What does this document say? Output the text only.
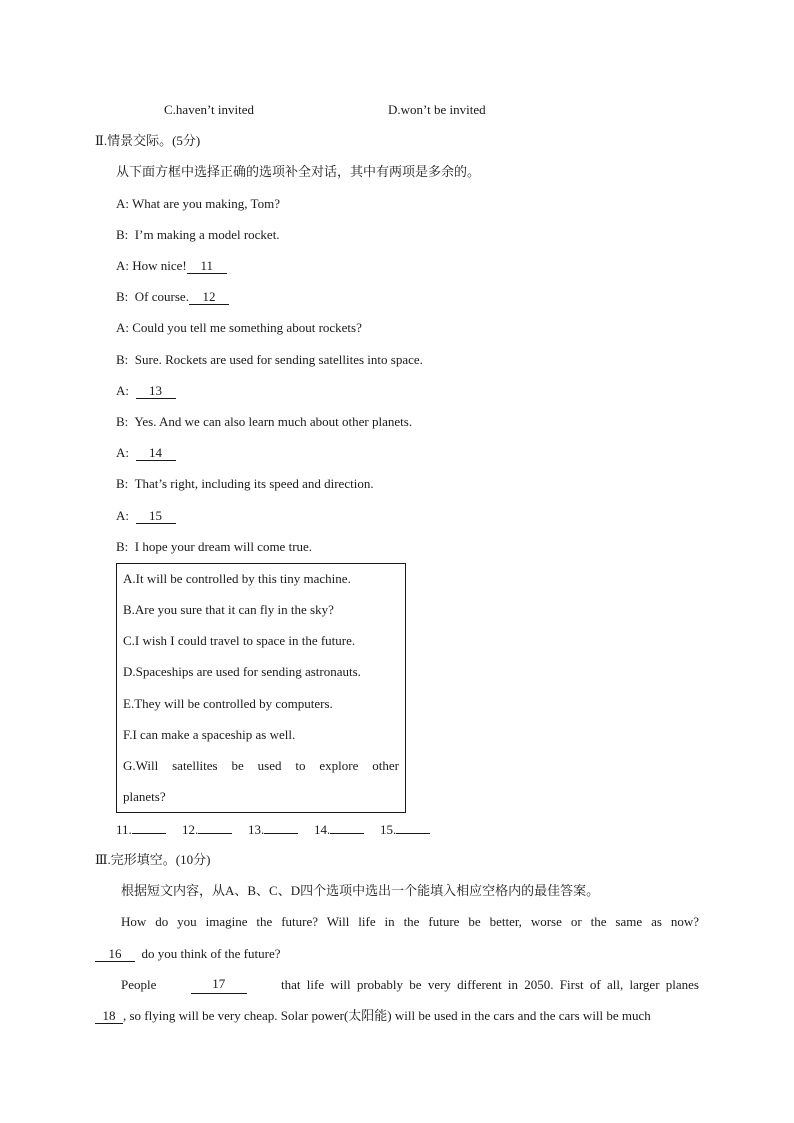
C.haven’t invited	D.won’t be invited
Ⅱ.情景交际。(5分)
从下面方框中选择正确的选项补全对话，其中有两项是多余的。
A: What are you making, Tom?
B: I’m making a model rocket.
A: How nice! 11
B: Of course. 12
A: Could you tell me something about rockets?
B: Sure. Rockets are used for sending satellites into space.
A: 13
B: Yes. And we can also learn much about other planets.
A: 14
B: That’s right, including its speed and direction.
A: 15
B: I hope your dream will come true.
A.It will be controlled by this tiny machine.
B.Are you sure that it can fly in the sky?
C.I wish I could travel to space in the future.
D.Spaceships are used for sending astronauts.
E.They will be controlled by computers.
F.I can make a spaceship as well.
G.Will satellites be used to explore other
planets?
11.	12.	13.	14.	15.
Ⅲ.完形填空。(10分)
根据短文内容，从A、B、C、D四个选项中选出一个能填入相应空格内的最佳答案。
How do you imagine the future? Will life in the future be better, worse or the same as now?
16 do you think of the future?
People	17	that life will probably be very different in 2050. First of all, larger planes
18 , so flying will be very cheap. Solar power(太阳能) will be used in the cars and the cars will be much
